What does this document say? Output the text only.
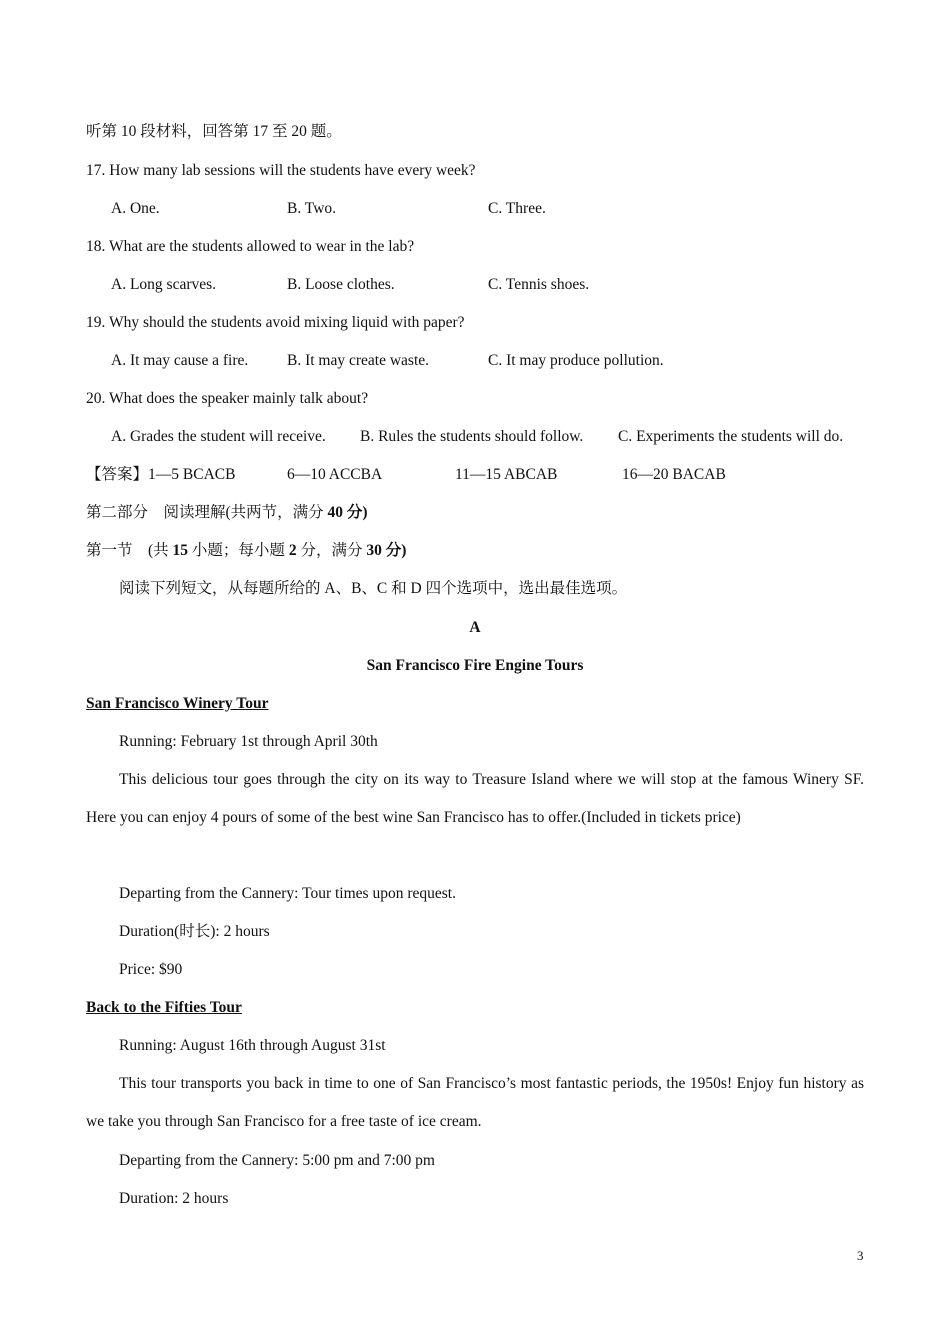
听第 10 段材料，回答第 17 至 20 题。
17. How many lab sessions will the students have every week?
A. One.	B. Two.	C. Three.
18. What are the students allowed to wear in the lab?
A. Long scarves.	B. Loose clothes.	C. Tennis shoes.
19. Why should the students avoid mixing liquid with paper?
A. It may cause a fire. B. It may create waste.	C. It may produce pollution.
20. What does the speaker mainly talk about?
A. Grades the student will receive. B. Rules the students should follow. C. Experiments the students will do.
【答案】1—5 BCACB	6—10 ACCBA	11—15 ABCAB	16—20 BACAB
第二部分　阅读理解(共两节，满分 40 分)
第一节　(共 15 小题；每小题 2 分，满分 30 分)
阅读下列短文，从每题所给的 A、B、C 和 D 四个选项中，选出最佳选项。
A
San Francisco Fire Engine Tours
San Francisco Winery Tour
Running: February 1st through April 30th
This delicious tour goes through the city on its way to Treasure Island where we will stop at the famous Winery SF. Here you can enjoy 4 pours of some of the best wine San Francisco has to offer.(Included in tickets price)
Departing from the Cannery: Tour times upon request.
Duration(时长): 2 hours
Price: $90
Back to the Fifties Tour
Running: August 16th through August 31st
This tour transports you back in time to one of San Francisco’s most fantastic periods, the 1950s! Enjoy fun history as we take you through San Francisco for a free taste of ice cream.
Departing from the Cannery: 5:00 pm and 7:00 pm
Duration: 2 hours
3
